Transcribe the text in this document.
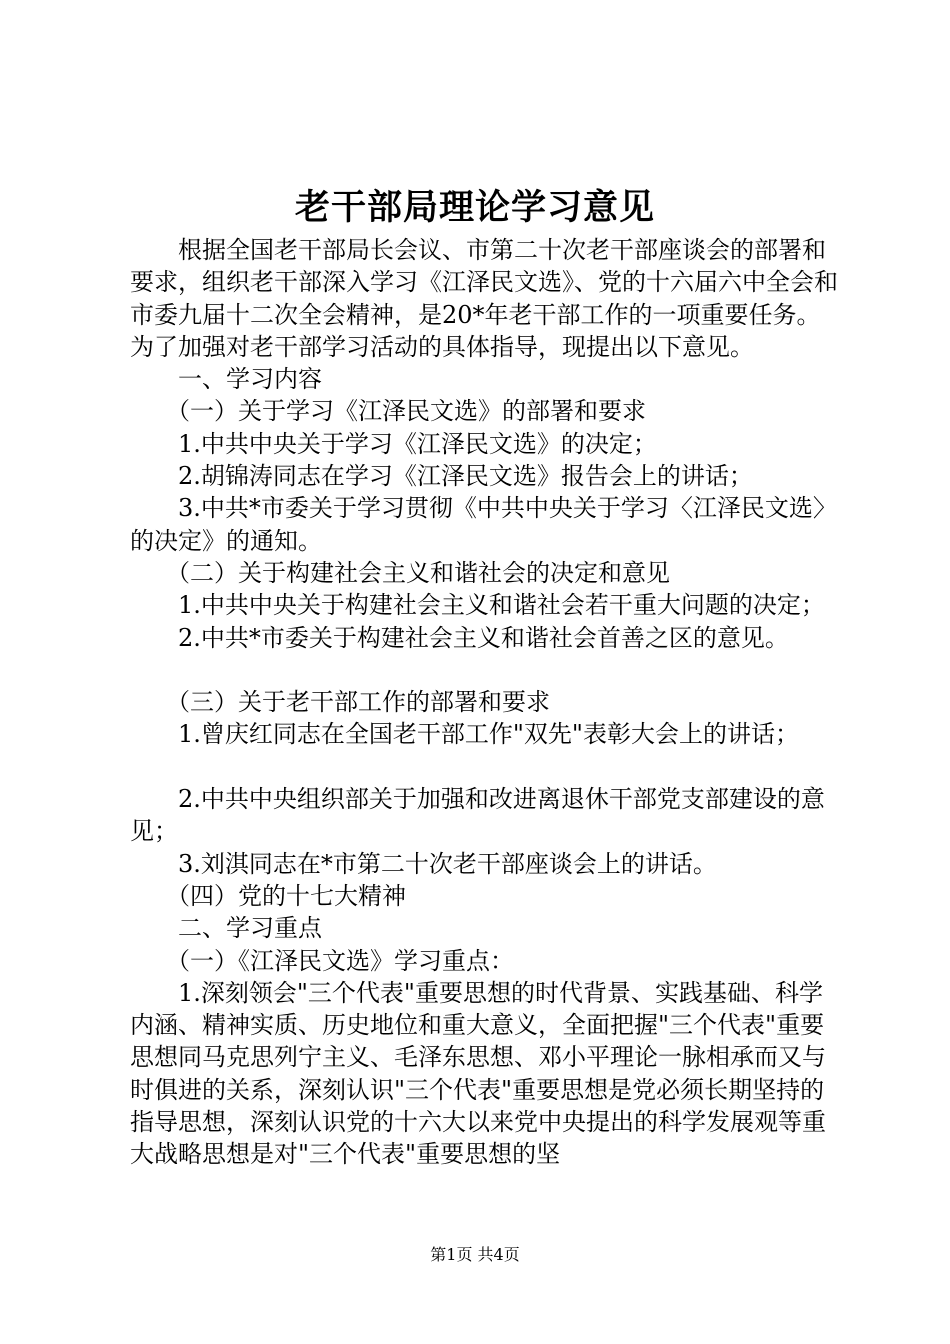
老干部局理论学习意见

根据全国老干部局长会议、市第二十次老干部座谈会的部署和要求，组织老干部深入学习《江泽民文选》、党的十六届六中全会和市委九届十二次全会精神，是20*年老干部工作的一项重要任务。为了加强对老干部学习活动的具体指导，现提出以下意见。

一、学习内容

（一）关于学习《江泽民文选》的部署和要求

1.中共中央关于学习《江泽民文选》的决定；

2.胡锦涛同志在学习《江泽民文选》报告会上的讲话；

3.中共*市委关于学习贯彻《中共中央关于学习〈江泽民文选〉的决定》的通知。

（二）关于构建社会主义和谐社会的决定和意见

1.中共中央关于构建社会主义和谐社会若干重大问题的决定；

2.中共*市委关于构建社会主义和谐社会首善之区的意见。

（三）关于老干部工作的部署和要求

1.曾庆红同志在全国老干部工作"双先"表彰大会上的讲话；

2.中共中央组织部关于加强和改进离退休干部党支部建设的意见；

3.刘淇同志在*市第二十次老干部座谈会上的讲话。

（四）党的十七大精神

二、学习重点

（一）《江泽民文选》学习重点：

1.深刻领会"三个代表"重要思想的时代背景、实践基础、科学内涵、精神实质、历史地位和重大意义，全面把握"三个代表"重要思想同马克思列宁主义、毛泽东思想、邓小平理论一脉相承而又与时俱进的关系，深刻认识"三个代表"重要思想是党必须长期坚持的指导思想，深刻认识党的十六大以来党中央提出的科学发展观等重大战略思想是对"三个代表"重要思想的坚

第1页 共4页
